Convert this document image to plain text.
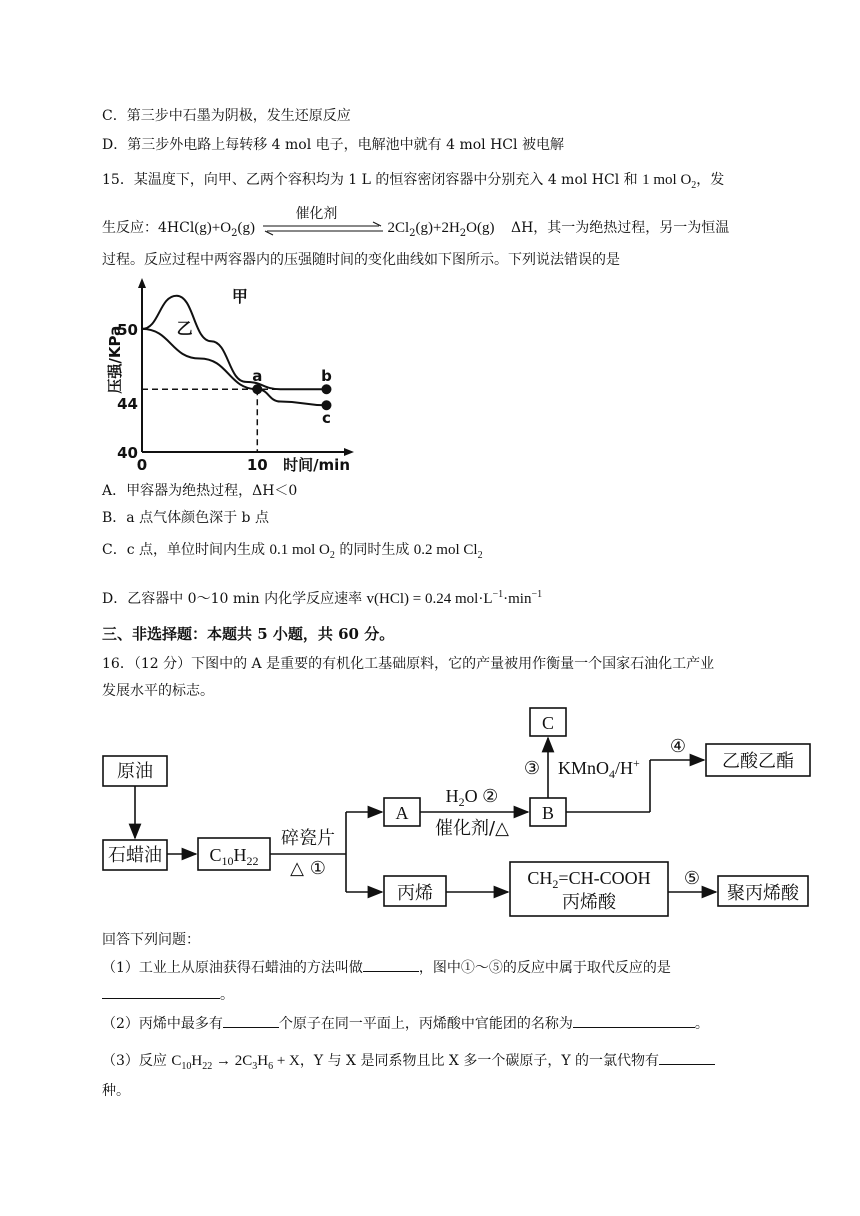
C．第三步中石墨为阴极，发生还原反应
D．第三步外电路上每转移 4 mol 电子，电解池中就有 4 mol HCl 被电解
15．某温度下，向甲、乙两个容积均为 1 L 的恒容密闭容器中分别充入 4 mol HCl 和 1 mol $O_2$，发
生反应：$4HCl(g)+O_2(g)$
催化剂
$2Cl_2(g)+2H_2O(g)$ ΔH，其一为绝热过程，另一为恒温
过程。反应过程中两容器内的压强随时间的变化曲线如下图所示。下列说法错误的是
40
44
50
0	10 时间/min
压强/KPa
甲
乙
a	b
c
A．甲容器为绝热过程，ΔH＜0
B．a 点气体颜色深于 b 点
C．c 点，单位时间内生成 0.1 mol $O_2$ 的同时生成 0.2 mol $Cl_2$
D．乙容器中 0～10 min 内化学反应速率 v(HCl) = 0.24 $mol\cdot L^{-1}\cdot\min^{-1}$
三、非选择题：本题共 5 小题，共 60 分。
16．（12 分）下图中的 A 是重要的有机化工基础原料，它的产量被用作衡量一个国家石油化工产业
发展水平的标志。
原油
石蜡油	$C_{10}H_{22}$
碎瓷片
△ ①
A
$H_2O$ ②
催化剂/△
B
C
③ KMnO$_4$/H+
④
乙酸乙酯
丙烯
$CH_2=CH$-COOH
丙烯酸
⑤
聚丙烯酸
回答下列问题：
（1）工业上从原油获得石蜡油的方法叫做	，图中①～⑤的反应中属于取代反应的是
。
（2）丙烯中最多有	个原子在同一平面上，丙烯酸中官能团的名称为	。
（3）反应 $C_{10}H_{22} \to 2C_3H_6 + X$，Y 与 X 是同系物且比 X 多一个碳原子，Y 的一氯代物有
种。
